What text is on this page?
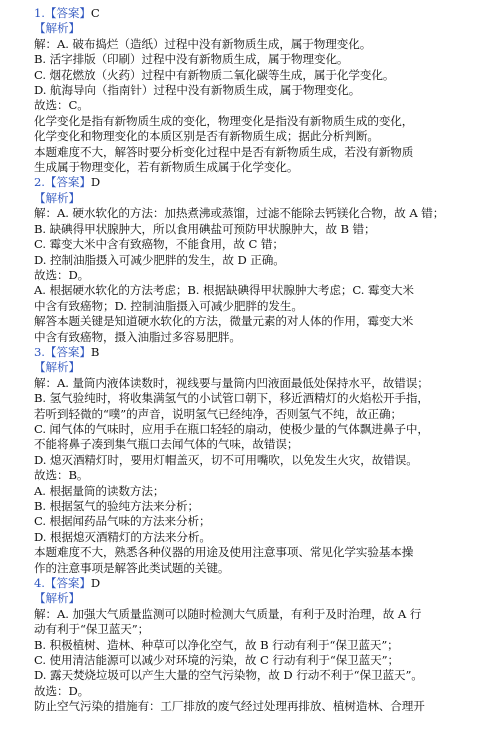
1.【答案】C
【解析】
解：A. 破布捣烂（造纸）过程中没有新物质生成，属于物理变化。
B. 活字排版（印刷）过程中没有新物质生成，属于物理变化。
C. 烟花燃放（火药）过程中有新物质二氧化碳等生成，属于化学变化。
D. 航海导向（指南针）过程中没有新物质生成，属于物理变化。
故选：C。
化学变化是指有新物质生成的变化，物理变化是指没有新物质生成的变化，
化学变化和物理变化的本质区别是否有新物质生成；据此分析判断。
本题难度不大，解答时要分析变化过程中是否有新物质生成，若没有新物质
生成属于物理变化，若有新物质生成属于化学变化。
2.【答案】D
【解析】
解：A. 硬水软化的方法：加热煮沸或蒸馏，过滤不能除去钙镁化合物，故 A 错；
B. 缺碘得甲状腺肿大，所以食用碘盐可预防甲状腺肿大，故 B 错；
C. 霉变大米中含有致癌物，不能食用，故 C 错；
D. 控制油脂摄入可减少肥胖的发生，故 D 正确。
故选：D。
A. 根据硬水软化的方法考虑；B. 根据缺碘得甲状腺肿大考虑；C. 霉变大米
中含有致癌物；D. 控制油脂摄入可减少肥胖的发生。
解答本题关键是知道硬水软化的方法，微量元素的对人体的作用，霉变大米
中含有致癌物，摄入油脂过多容易肥胖。
3.【答案】B
【解析】
解：A. 量筒内液体读数时，视线要与量筒内凹液面最低处保持水平，故错误；
B. 氢气验纯时，将收集满氢气的小试管口朝下，移近酒精灯的火焰松开手指，
若听到轻微的“噗”的声音，说明氢气已经纯净，否则氢气不纯，故正确；
C. 闻气体的气味时，应用手在瓶口轻轻的扇动，使极少量的气体飘进鼻子中，
不能将鼻子凑到集气瓶口去闻气体的气味，故错误；
D. 熄灭酒精灯时，要用灯帽盖灭，切不可用嘴吹，以免发生火灾，故错误。
故选：B。
A. 根据量筒的读数方法；
B. 根据氢气的验纯方法来分析；
C. 根据闻药品气味的方法来分析；
D. 根据熄灭酒精灯的方法来分析。
本题难度不大，熟悉各种仪器的用途及使用注意事项、常见化学实验基本操
作的注意事项是解答此类试题的关键。
4.【答案】D
【解析】
解：A. 加强大气质量监测可以随时检测大气质量，有利于及时治理，故 A 行
动有利于“保卫蓝天”；
B. 积极植树、造林、种草可以净化空气，故 B 行动有利于“保卫蓝天”；
C. 使用清洁能源可以减少对环境的污染，故 C 行动有利于“保卫蓝天”；
D. 露天焚烧垃圾可以产生大量的空气污染物，故 D 行动不利于“保卫蓝天”。
故选：D。
防止空气污染的措施有：工厂排放的废气经过处理再排放、植树造林、合理开
